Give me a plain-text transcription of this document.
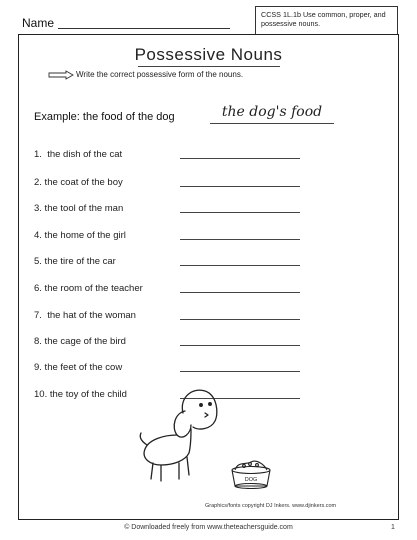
Name
CCSS 1L.1b Use common, proper, and possessive nouns.
Possessive Nouns
Write the correct possessive form of the nouns.
Example: the food of the dog	the dog's food
1.  the dish of the cat
2. the coat of the boy
3. the tool of the man
4. the home of the girl
5. the tire of the car
6. the room of the teacher
7.  the hat of the woman
8. the cage of the bird
9. the feet of the cow
10. the toy of the child
DOG
Graphics/fonts copyright DJ Inkers. www.djinkers.com
© Downloaded freely from www.theteachersguide.com	1
